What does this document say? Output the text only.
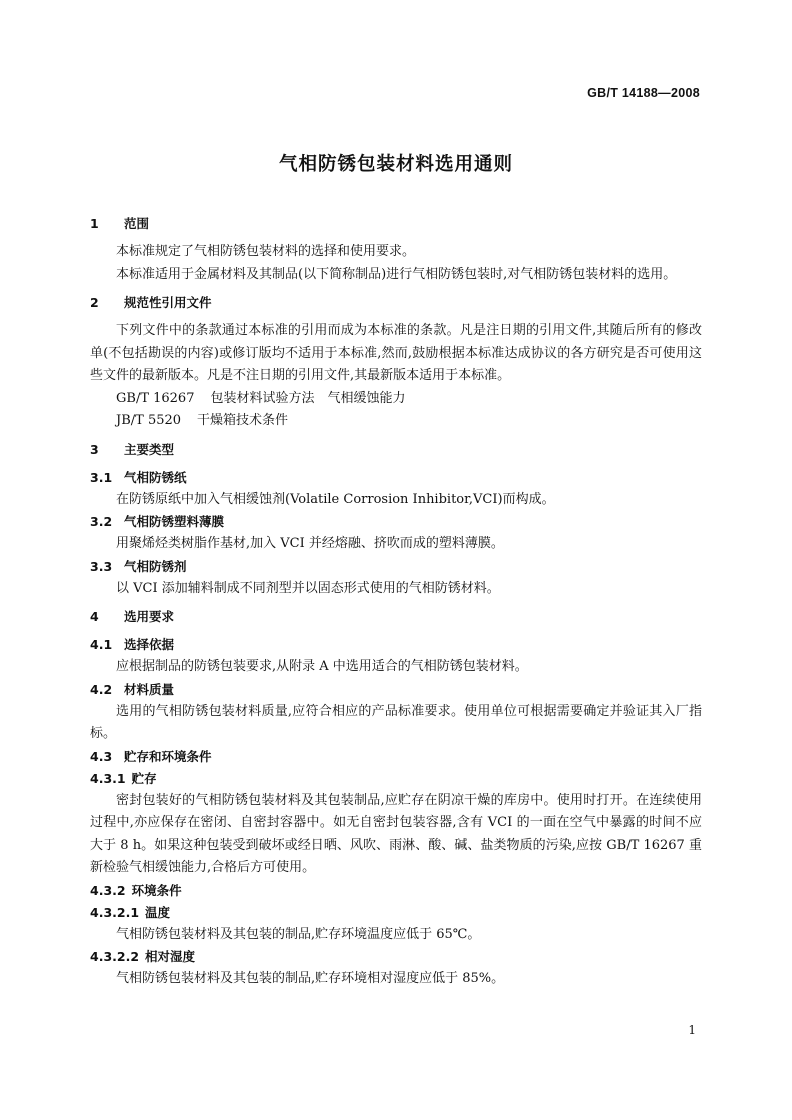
GB/T 14188—2008
气相防锈包装材料选用通则
1 范围

本标准规定了气相防锈包装材料的选择和使用要求。

本标准适用于金属材料及其制品(以下简称制品)进行气相防锈包装时,对气相防锈包装材料的选用。

2 规范性引用文件

下列文件中的条款通过本标准的引用而成为本标准的条款。凡是注日期的引用文件,其随后所有的修改单(不包括勘误的内容)或修订版均不适用于本标准,然而,鼓励根据本标准达成协议的各方研究是否可使用这些文件的最新版本。凡是不注日期的引用文件,其最新版本适用于本标准。

GB/T 16267 包装材料试验方法　气相缓蚀能力
JB/T 5520 干燥箱技术条件
3 主要类型
3.1 气相防锈纸

在防锈原纸中加入气相缓蚀剂(Volatile Corrosion Inhibitor,VCI)而构成。

3.2 气相防锈塑料薄膜

用聚烯烃类树脂作基材,加入 VCI 并经熔融、挤吹而成的塑料薄膜。

3.3 气相防锈剂

以 VCI 添加辅料制成不同剂型并以固态形式使用的气相防锈材料。

4 选用要求
4.1 选择依据

应根据制品的防锈包装要求,从附录 A 中选用适合的气相防锈包装材料。

4.2 材料质量

选用的气相防锈包装材料质量,应符合相应的产品标准要求。使用单位可根据需要确定并验证其入厂指标。

4.3 贮存和环境条件
4.3.1 贮存

密封包装好的气相防锈包装材料及其包装制品,应贮存在阴凉干燥的库房中。使用时打开。在连续使用过程中,亦应保存在密闭、自密封容器中。如无自密封包装容器,含有 VCI 的一面在空气中暴露的时间不应大于 8 h。如果这种包装受到破坏或经日晒、风吹、雨淋、酸、碱、盐类物质的污染,应按 GB/T 16267 重新检验气相缓蚀能力,合格后方可使用。

4.3.2 环境条件
4.3.2.1 温度

气相防锈包装材料及其包装的制品,贮存环境温度应低于 65℃。

4.3.2.2 相对湿度

气相防锈包装材料及其包装的制品,贮存环境相对湿度应低于 85%。

1
